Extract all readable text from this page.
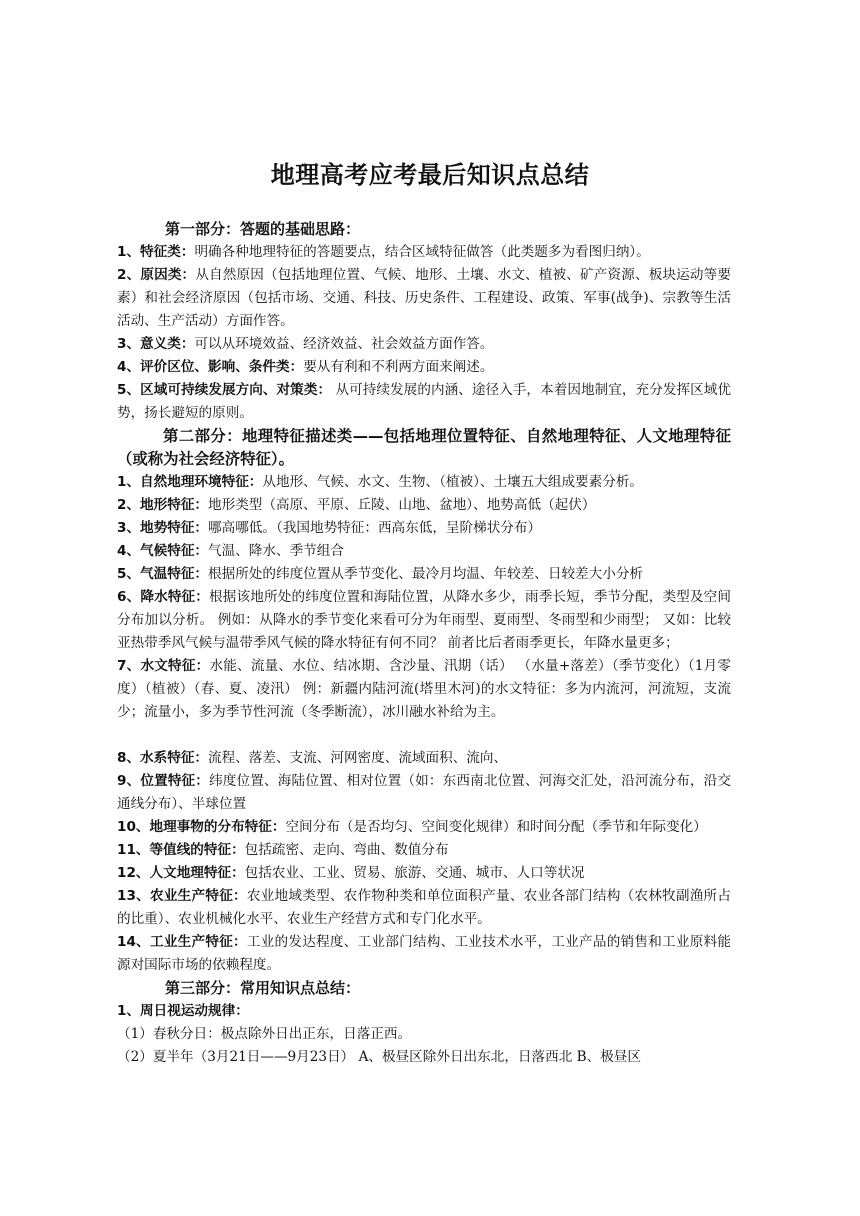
地理高考应考最后知识点总结

第一部分：答题的基础思路：

1、特征类：明确各种地理特征的答题要点，结合区域特征做答（此类题多为看图归纳）。

2、原因类：从自然原因（包括地理位置、气候、地形、土壤、水文、植被、矿产资源、板块运动等要素）和社会经济原因（包括市场、交通、科技、历史条件、工程建设、政策、军事(战争)、宗教等生活活动、生产活动）方面作答。

3、意义类：可以从环境效益、经济效益、社会效益方面作答。

4、评价区位、影响、条件类：要从有利和不利两方面来阐述。

5、区域可持续发展方向、对策类： 从可持续发展的内涵、途径入手，本着因地制宜，充分发挥区域优势，扬长避短的原则。

第二部分：地理特征描述类——包括地理位置特征、自然地理特征、人文地理特征（或称为社会经济特征）。

1、自然地理环境特征：从地形、气候、水文、生物、（植被）、土壤五大组成要素分析。

2、地形特征：地形类型（高原、平原、丘陵、山地、盆地）、地势高低（起伏）

3、地势特征：哪高哪低。（我国地势特征：西高东低，呈阶梯状分布）

4、气候特征：气温、降水、季节组合

5、气温特征：根据所处的纬度位置从季节变化、最冷月均温、年较差、日较差大小分析

6、降水特征：根据该地所处的纬度位置和海陆位置，从降水多少，雨季长短，季节分配，类型及空间分布加以分析。 例如：从降水的季节变化来看可分为年雨型、夏雨型、冬雨型和少雨型； 又如：比较亚热带季风气候与温带季风气候的降水特征有何不同？ 前者比后者雨季更长，年降水量更多；

7、水文特征：水能、流量、水位、结冰期、含沙量、汛期（话） （水量+落差）（季节变化）（1月零度）（植被）（春、夏、凌汛） 例：新疆内陆河流(塔里木河)的水文特征：多为内流河，河流短，支流少；流量小，多为季节性河流（冬季断流），冰川融水补给为主。

8、水系特征：流程、落差、支流、河网密度、流域面积、流向、

9、位置特征：纬度位置、海陆位置、相对位置（如：东西南北位置、河海交汇处，沿河流分布，沿交通线分布）、半球位置

10、地理事物的分布特征：空间分布（是否均匀、空间变化规律）和时间分配（季节和年际变化）

11、等值线的特征：包括疏密、走向、弯曲、数值分布

12、人文地理特征：包括农业、工业、贸易、旅游、交通、城市、人口等状况

13、农业生产特征：农业地域类型、农作物种类和单位面积产量、农业各部门结构（农林牧副渔所占的比重）、农业机械化水平、农业生产经营方式和专门化水平。

14、工业生产特征：工业的发达程度、工业部门结构、工业技术水平，工业产品的销售和工业原料能源对国际市场的依赖程度。

第三部分：常用知识点总结：

1、周日视运动规律：

（1）春秋分日：极点除外日出正东，日落正西。

（2）夏半年（3月21日——9月23日） A、极昼区除外日出东北，日落西北 B、极昼区
